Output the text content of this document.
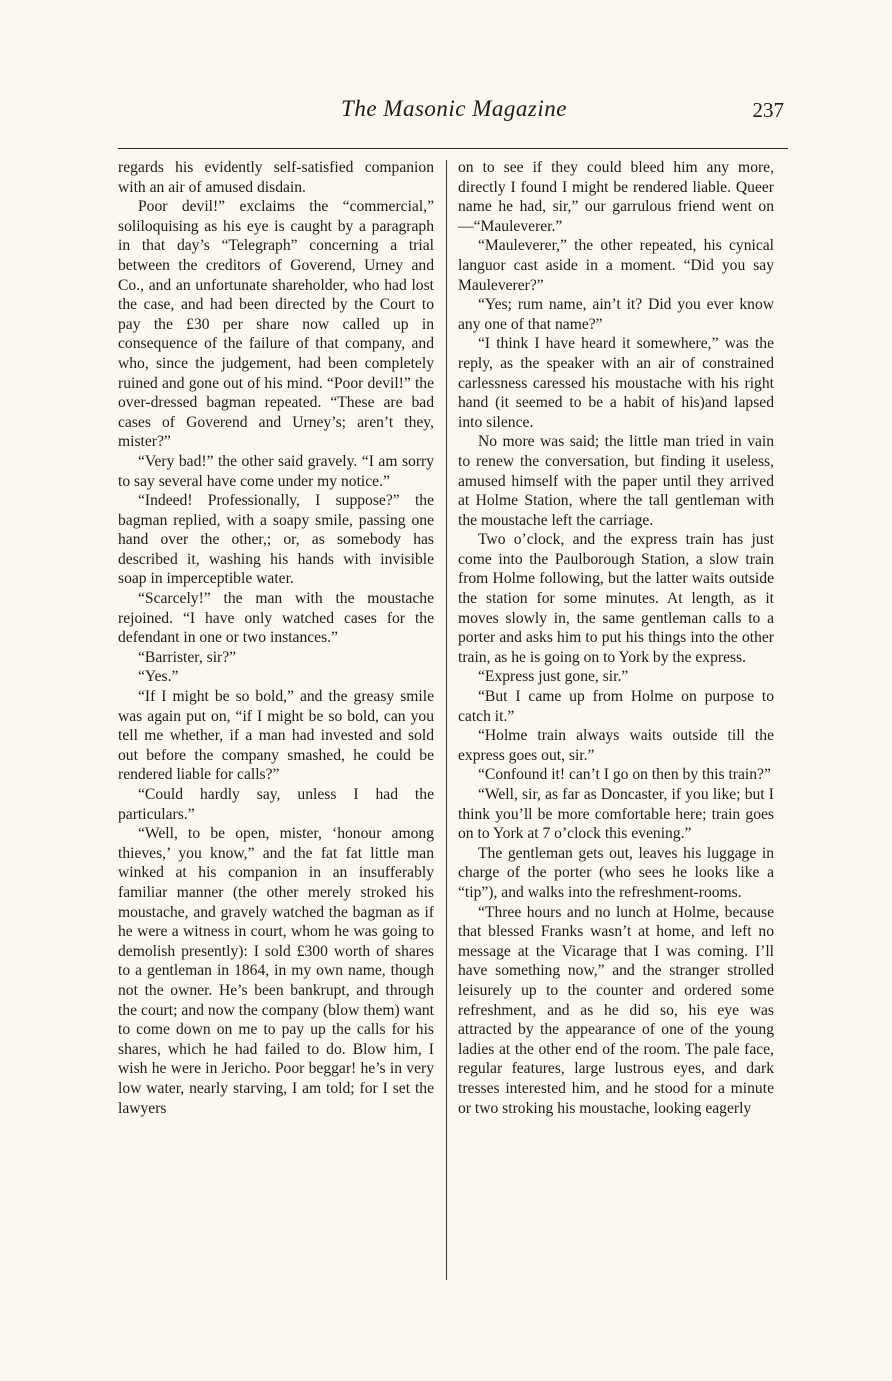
The Masonic Magazine	237

regards his evidently self-satisfied companion with an air of amused disdain.

Poor devil!” exclaims the “commercial,” soliloquising as his eye is caught by a paragraph in that day’s “Telegraph” concerning a trial between the creditors of Goverend, Urney and Co., and an unfortunate shareholder, who had lost the case, and had been directed by the Court to pay the £30 per share now called up in consequence of the failure of that company, and who, since the judgement, had been completely ruined and gone out of his mind. “Poor devil!” the over-dressed bagman repeated. “These are bad cases of Goverend and Urney’s; aren’t they, mister?”

“Very bad!” the other said gravely. “I am sorry to say several have come under my notice.”

“Indeed! Professionally, I suppose?” the bagman replied, with a soapy smile, passing one hand over the other,; or, as somebody has described it, washing his hands with invisible soap in imperceptible water.

“Scarcely!” the man with the moustache rejoined. “I have only watched cases for the defendant in one or two instances.”

“Barrister, sir?”

“Yes.”

“If I might be so bold,” and the greasy smile was again put on, “if I might be so bold, can you tell me whether, if a man had invested and sold out before the company smashed, he could be rendered liable for calls?”

“Could hardly say, unless I had the particulars.”

“Well, to be open, mister, ‘honour among thieves,’ you know,” and the fat fat little man winked at his companion in an insufferably familiar manner (the other merely stroked his moustache, and gravely watched the bagman as if he were a witness in court, whom he was going to demolish presently): I sold £300 worth of shares to a gentleman in 1864, in my own name, though not the owner. He’s been bankrupt, and through the court; and now the company (blow them) want to come down on me to pay up the calls for his shares, which he had failed to do. Blow him, I wish he were in Jericho. Poor beggar! he’s in very low water, nearly starving, I am told; for I set the lawyers

on to see if they could bleed him any more, directly I found I might be rendered liable. Queer name he had, sir,” our garrulous friend went on—“Mauleverer.”

“Mauleverer,” the other repeated, his cynical languor cast aside in a moment. “Did you say Mauleverer?”

“Yes; rum name, ain’t it? Did you ever know any one of that name?”

“I think I have heard it somewhere,” was the reply, as the speaker with an air of constrained carlessness caressed his moustache with his right hand (it seemed to be a habit of his)and lapsed into silence.

No more was said; the little man tried in vain to renew the conversation, but finding it useless, amused himself with the paper until they arrived at Holme Station, where the tall gentleman with the moustache left the carriage.

Two o’clock, and the express train has just come into the Paulborough Station, a slow train from Holme following, but the latter waits outside the station for some minutes. At length, as it moves slowly in, the same gentleman calls to a porter and asks him to put his things into the other train, as he is going on to York by the express.

“Express just gone, sir.”

“But I came up from Holme on purpose to catch it.”

“Holme train always waits outside till the express goes out, sir.”

“Confound it! can’t I go on then by this train?”

“Well, sir, as far as Doncaster, if you like; but I think you’ll be more comfortable here; train goes on to York at 7 o’clock this evening.”

The gentleman gets out, leaves his luggage in charge of the porter (who sees he looks like a “tip”), and walks into the refreshment-rooms.

“Three hours and no lunch at Holme, because that blessed Franks wasn’t at home, and left no message at the Vicarage that I was coming. I’ll have something now,” and the stranger strolled leisurely up to the counter and ordered some refreshment, and as he did so, his eye was attracted by the appearance of one of the young ladies at the other end of the room. The pale face, regular features, large lustrous eyes, and dark tresses interested him, and he stood for a minute or two stroking his moustache, looking eagerly
